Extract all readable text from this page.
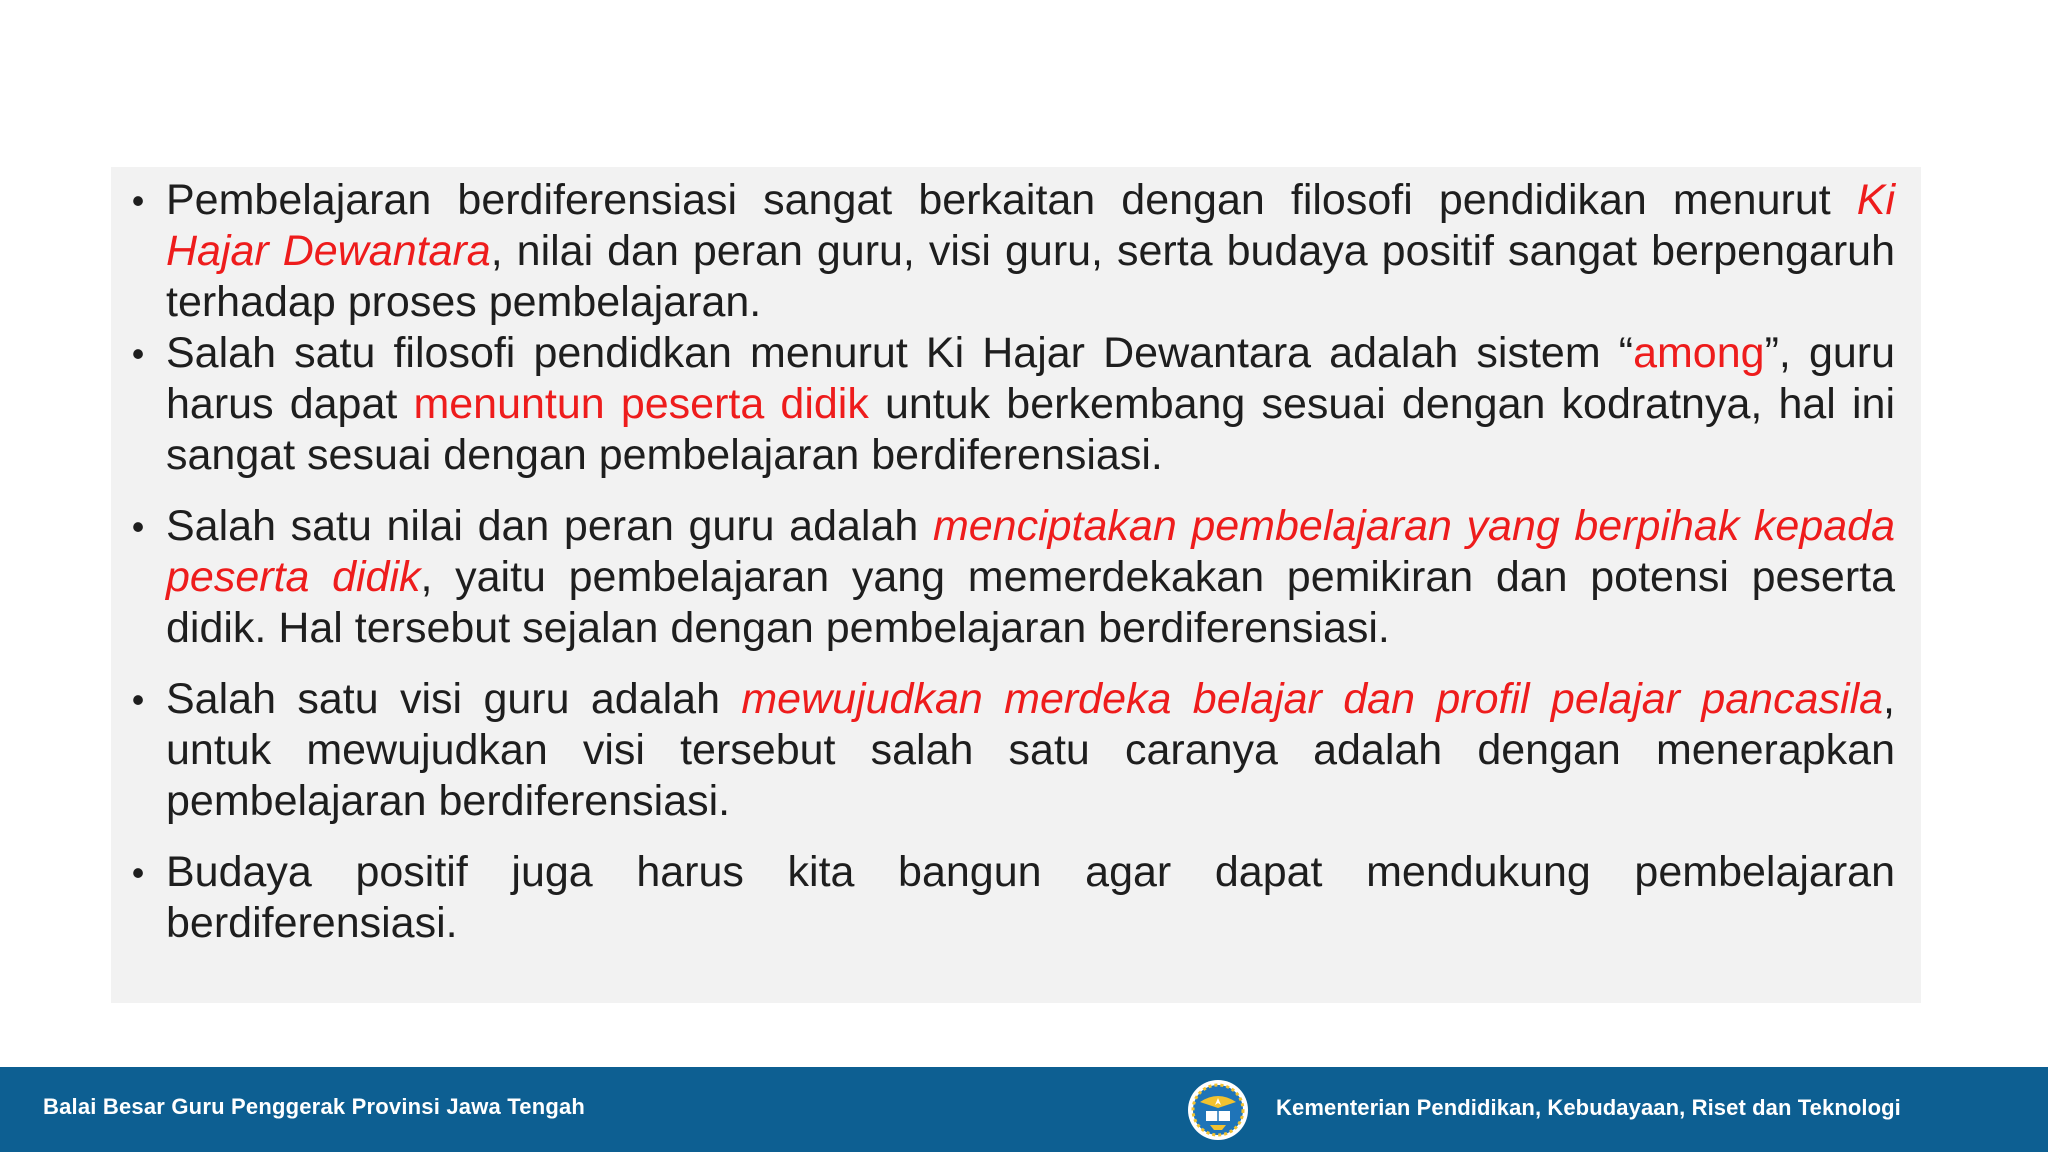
• Pembelajaran berdiferensiasi sangat berkaitan dengan filosofi pendidikan menurut Ki Hajar Dewantara, nilai dan peran guru, visi guru, serta budaya positif sangat berpengaruh terhadap proses pembelajaran.
• Salah satu filosofi pendidkan menurut Ki Hajar Dewantara adalah sistem “among”, guru harus dapat menuntun peserta didik untuk berkembang sesuai dengan kodratnya, hal ini sangat sesuai dengan pembelajaran berdiferensiasi.
• Salah satu nilai dan peran guru adalah menciptakan pembelajaran yang berpihak kepada peserta didik, yaitu pembelajaran yang memerdekakan pemikiran dan potensi peserta didik. Hal tersebut sejalan dengan pembelajaran berdiferensiasi.
• Salah satu visi guru adalah mewujudkan merdeka belajar dan profil pelajar pancasila, untuk mewujudkan visi tersebut salah satu caranya adalah dengan menerapkan pembelajaran berdiferensiasi.
• Budaya positif juga harus kita bangun agar dapat mendukung pembelajaran berdiferensiasi.
Balai Besar Guru Penggerak Provinsi Jawa Tengah	Kementerian Pendidikan, Kebudayaan, Riset dan Teknologi
